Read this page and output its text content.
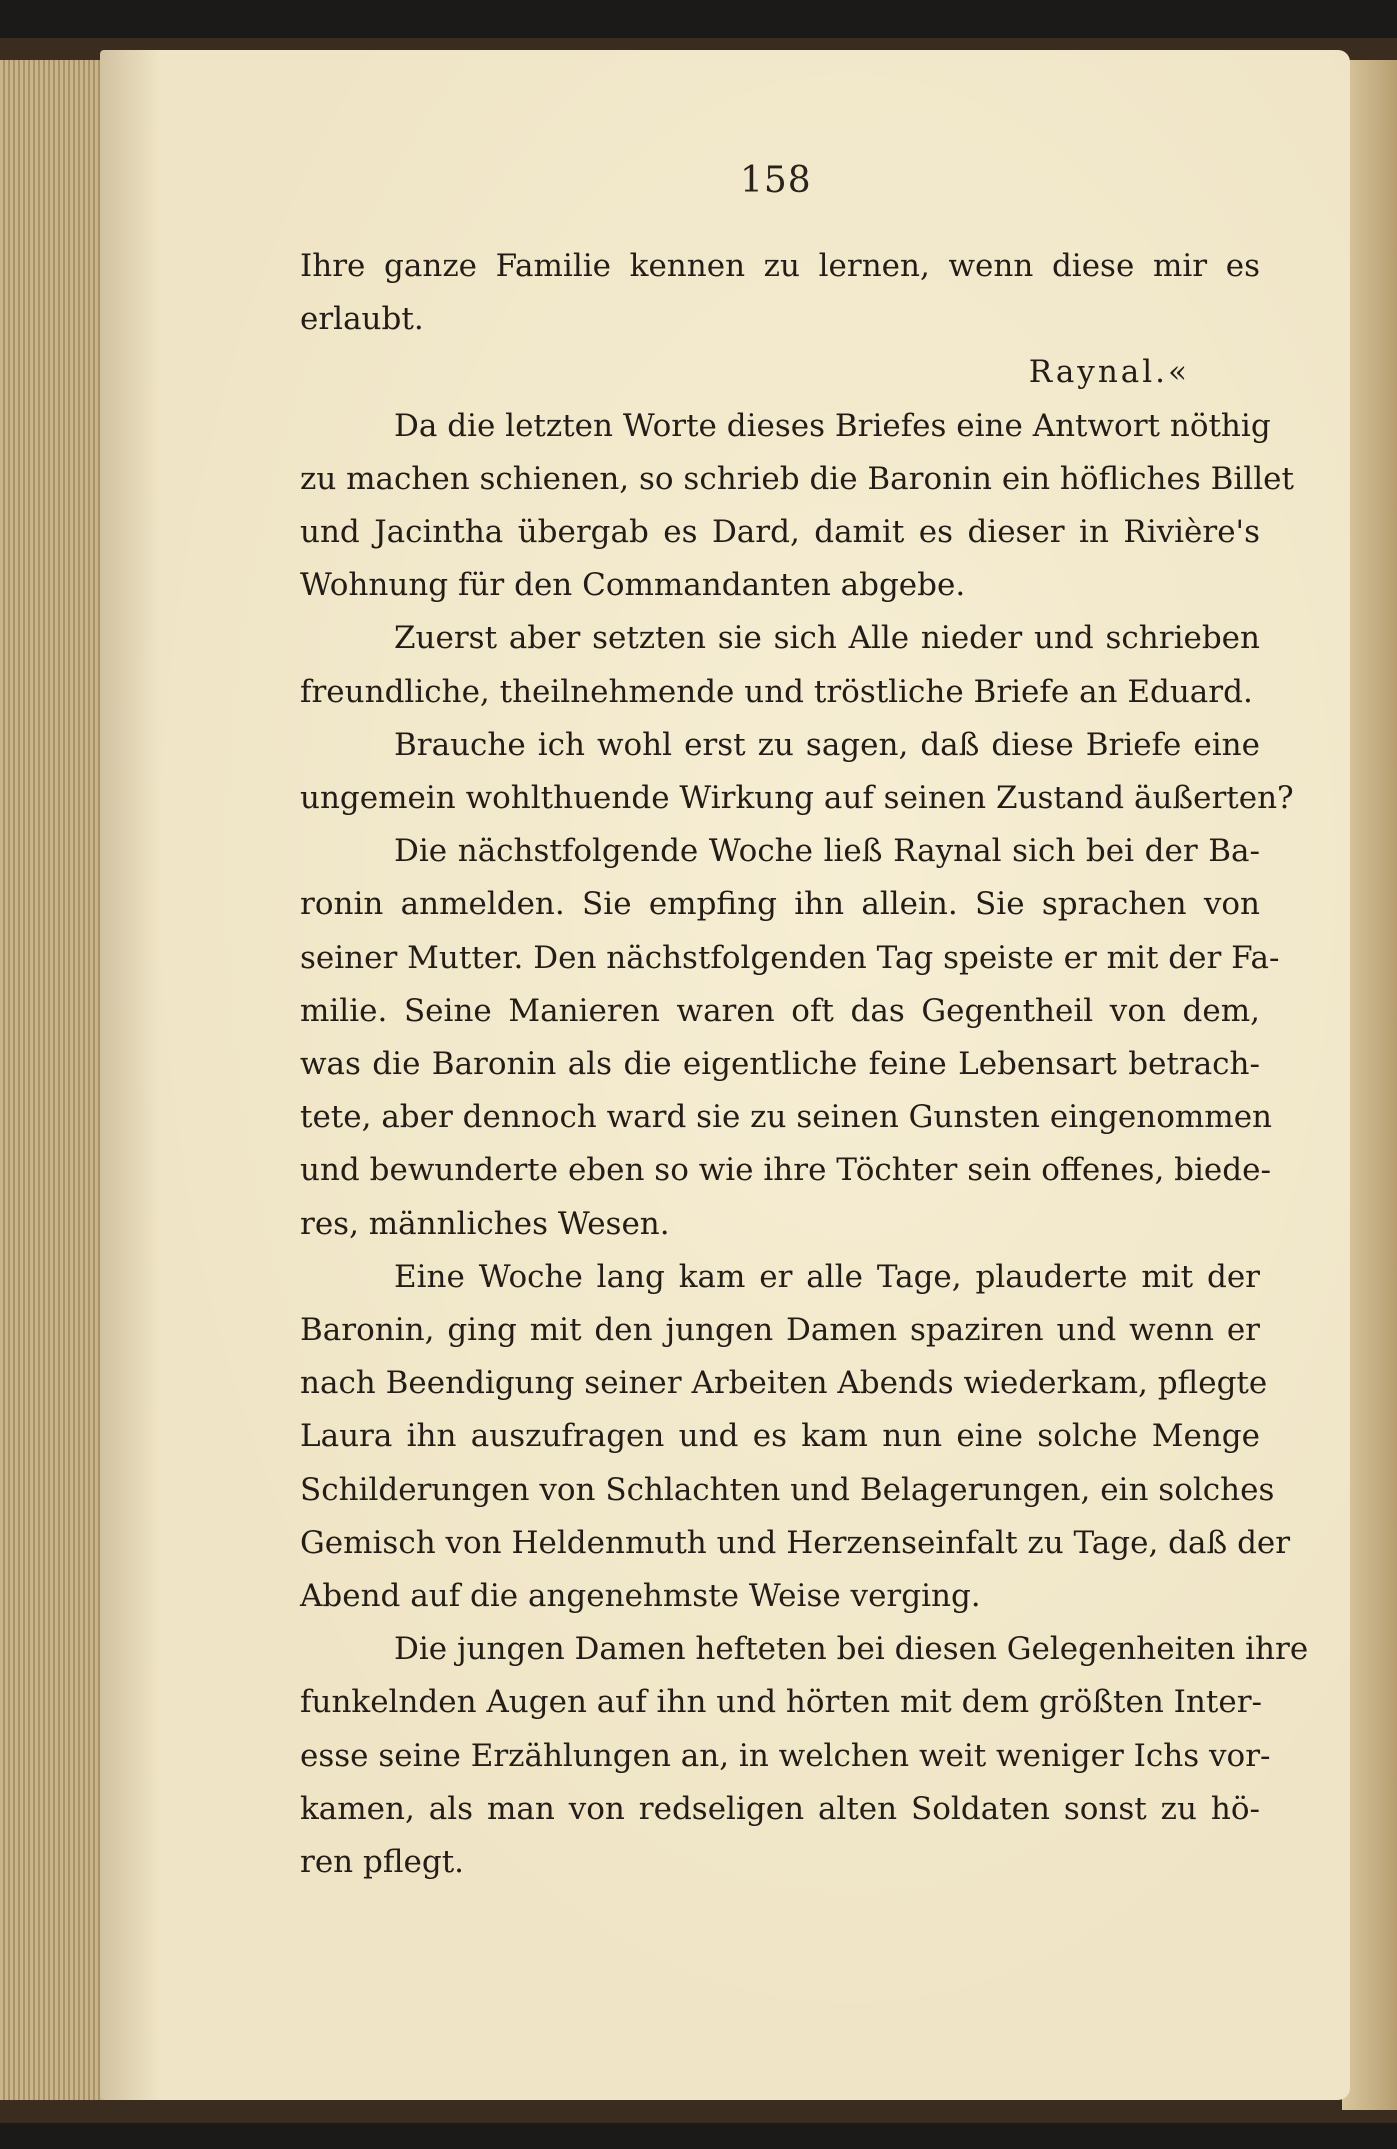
158
Ihre ganze Familie kennen zu lernen, wenn diese mir es
erlaubt.
Raynal.«
Da die letzten Worte dieses Briefes eine Antwort nöthig
zu machen schienen, so schrieb die Baronin ein höfliches Billet
und Jacintha übergab es Dard, damit es dieser in Rivière's
Wohnung für den Commandanten abgebe.
Zuerst aber setzten sie sich Alle nieder und schrieben
freundliche, theilnehmende und tröstliche Briefe an Eduard.
Brauche ich wohl erst zu sagen, daß diese Briefe eine
ungemein wohlthuende Wirkung auf seinen Zustand äußerten?
Die nächstfolgende Woche ließ Raynal sich bei der Ba-
ronin anmelden. Sie empfing ihn allein. Sie sprachen von
seiner Mutter. Den nächstfolgenden Tag speiste er mit der Fa-
milie. Seine Manieren waren oft das Gegentheil von dem,
was die Baronin als die eigentliche feine Lebensart betrach-
tete, aber dennoch ward sie zu seinen Gunsten eingenommen
und bewunderte eben so wie ihre Töchter sein offenes, biede-
res, männliches Wesen.
Eine Woche lang kam er alle Tage, plauderte mit der
Baronin, ging mit den jungen Damen spaziren und wenn er
nach Beendigung seiner Arbeiten Abends wiederkam, pflegte
Laura ihn auszufragen und es kam nun eine solche Menge
Schilderungen von Schlachten und Belagerungen, ein solches
Gemisch von Heldenmuth und Herzenseinfalt zu Tage, daß der
Abend auf die angenehmste Weise verging.
Die jungen Damen hefteten bei diesen Gelegenheiten ihre
funkelnden Augen auf ihn und hörten mit dem größten Inter-
esse seine Erzählungen an, in welchen weit weniger Ichs vor-
kamen, als man von redseligen alten Soldaten sonst zu hö-
ren pflegt.
